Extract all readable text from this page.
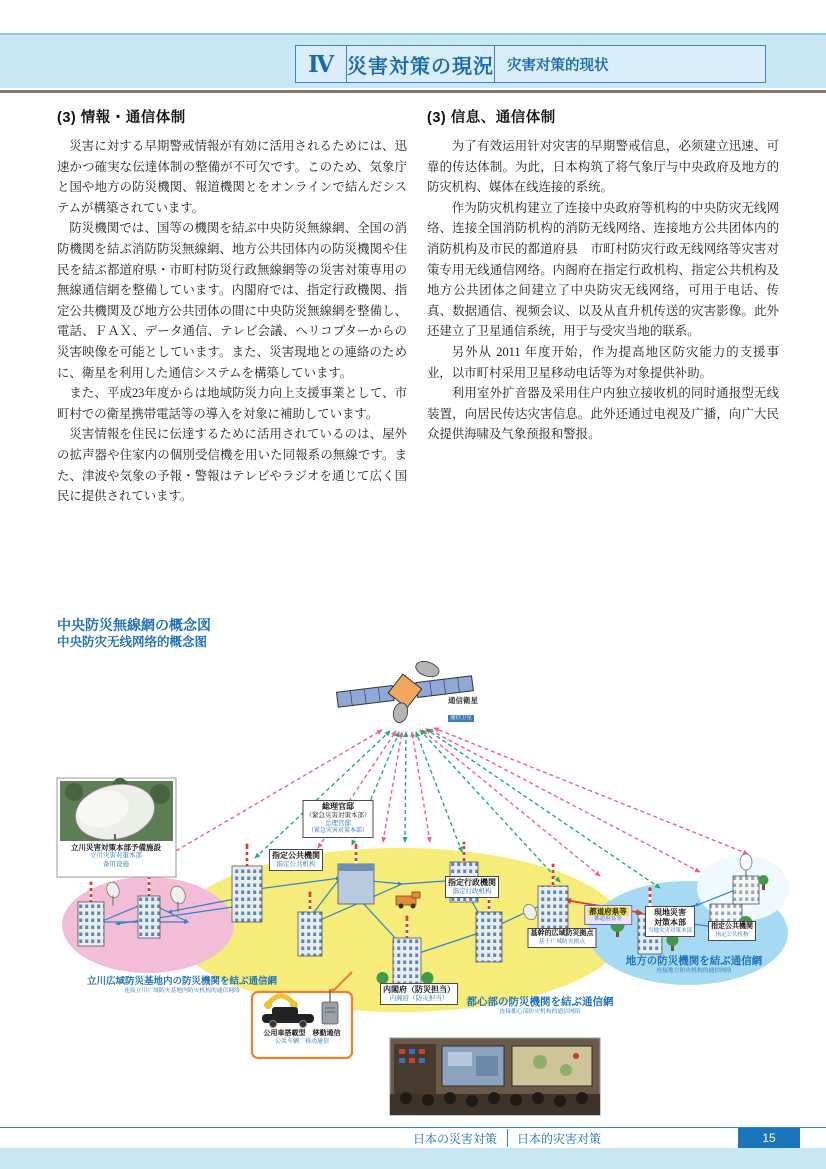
Ⅳ 災害対策の現況 灾害对策的现状
(3) 情報・通信体制

災害に対する早期警戒情報が有効に活用されるためには、迅速かつ確実な伝達体制の整備が不可欠です。このため、気象庁と国や地方の防災機関、報道機関とをオンラインで結んだシステムが構築されています。

防災機関では、国等の機関を結ぶ中央防災無線網、全国の消防機関を結ぶ消防防災無線網、地方公共団体内の防災機関や住民を結ぶ都道府県・市町村防災行政無線網等の災害対策専用の無線通信網を整備しています。内閣府では、指定行政機関、指定公共機関及び地方公共団体の間に中央防災無線網を整備し、電話、ＦＡＸ、データ通信、テレビ会議、ヘリコプターからの災害映像を可能としています。また、災害現地との連絡のために、衛星を利用した通信システムを構築しています。

また、平成23年度からは地域防災力向上支援事業として、市町村での衛星携帯電話等の導入を対象に補助しています。

災害情報を住民に伝達するために活用されているのは、屋外の拡声器や住家内の個別受信機を用いた同報系の無線です。また、津波や気象の予報・警報はテレビやラジオを通じて広く国民に提供されています。

(3) 信息、通信体制

为了有效运用针对灾害的早期警戒信息，必须建立迅速、可靠的传达体制。为此，日本构筑了将气象厅与中央政府及地方的防灾机构、媒体在线连接的系统。

作为防灾机构建立了连接中央政府等机构的中央防灾无线网络、连接全国消防机构的消防无线网络、连接地方公共团体内的消防机构及市民的都道府县　市町村防灾行政无线网络等灾害对策专用无线通信网络。内阁府在指定行政机构、指定公共机构及地方公共团体之间建立了中央防灾无线网络，可用于电话、传真、数据通信、视频会议、以及从直升机传送的灾害影像。此外还建立了卫星通信系统，用于与受灾当地的联系。

另外从 2011 年度开始，作为提高地区防灾能力的支援事业，以市町村采用卫星移动电话等为对象提供补助。

利用室外扩音器及采用住户内独立接收机的同时通报型无线装置，向居民传达灾害信息。此外还通过电视及广播，向广大民众提供海啸及气象预报和警报。

中央防災無線網の概念図
中央防灾无线网络的概念图
通信衛星
通信卫星
立川災害対策本部予備施設
立川灾害对策本部
备用设施
総理官邸
（緊急災害対策本部）
总理官邸
（紧急灾害对策本部）
指定公共機関
指定公共机构
指定行政機関
指定行政机构
基幹的広域防災拠点
基干广域防灾据点
都道府県等
都道府县等
現地災害
対策本部
当地灾害对策本部
指定公共機関
指定公共机构
内閣府（防災担当）
内阁府（防灾担当）
公用車搭載型　移動通信
公共车辆　移动通信
立川広域防災基地内の防災機関を結ぶ通信網
连接立川广域防灾基地内防灾机构的通信网络
地方の防災機関を結ぶ通信網
连接地方防灾机构的通信网络
都心部の防災機関を結ぶ通信網
连接都心部防灾机构的通信网络
日本の災害対策 日本的灾害对策	15
